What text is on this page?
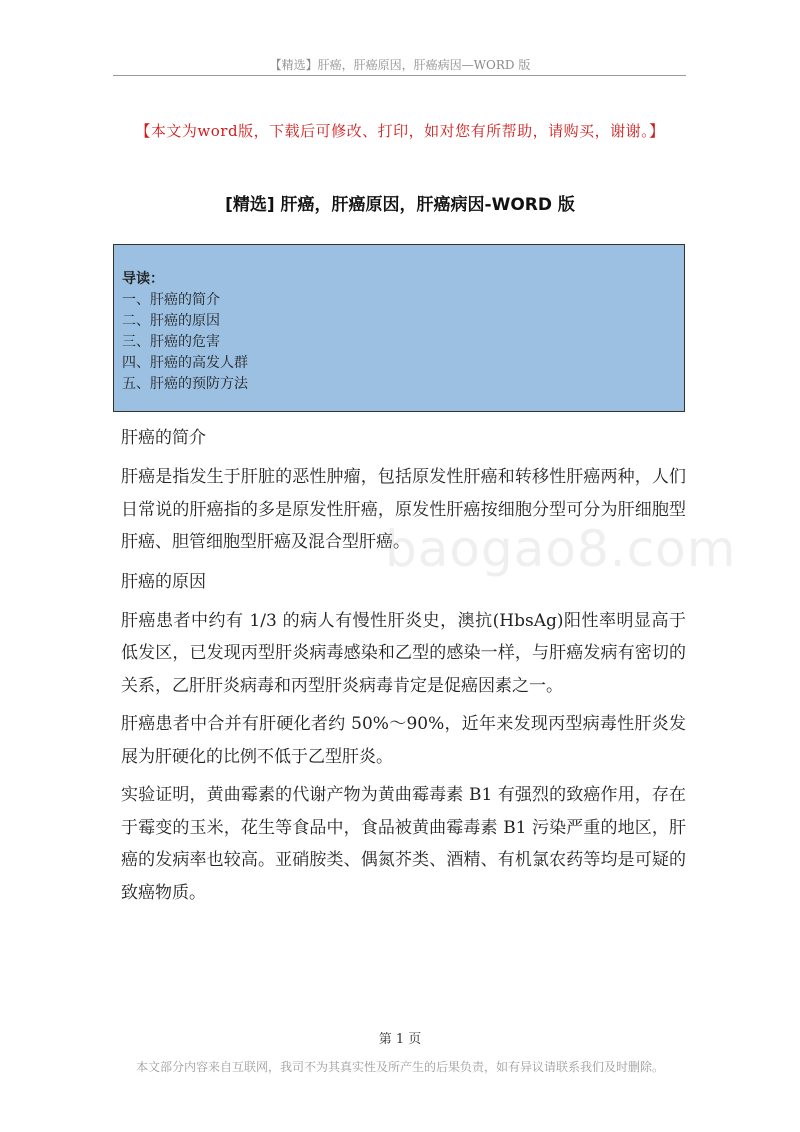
【精选】肝癌，肝癌原因，肝癌病因—WORD 版
【本文为word版，下载后可修改、打印，如对您有所帮助，请购买，谢谢。】
[精选] 肝癌，肝癌原因，肝癌病因-WORD 版
导读：
一、肝癌的简介
二、肝癌的原因
三、肝癌的危害
四、肝癌的高发人群
五、肝癌的预防方法

肝癌的简介

肝癌是指发生于肝脏的恶性肿瘤，包括原发性肝癌和转移性肝癌两种，人们日常说的肝癌指的多是原发性肝癌，原发性肝癌按细胞分型可分为肝细胞型肝癌、胆管细胞型肝癌及混合型肝癌。

肝癌的原因

肝癌患者中约有 1/3 的病人有慢性肝炎史，澳抗(HbsAg)阳性率明显高于低发区，已发现丙型肝炎病毒感染和乙型的感染一样，与肝癌发病有密切的关系，乙肝肝炎病毒和丙型肝炎病毒肯定是促癌因素之一。

肝癌患者中合并有肝硬化者约 50%～90%，近年来发现丙型病毒性肝炎发展为肝硬化的比例不低于乙型肝炎。

实验证明，黄曲霉素的代谢产物为黄曲霉毒素 B1 有强烈的致癌作用，存在于霉变的玉米，花生等食品中，食品被黄曲霉毒素 B1 污染严重的地区，肝癌的发病率也较高。亚硝胺类、偶氮芥类、酒精、有机氯农药等均是可疑的致癌物质。

baogao8.com
第 1 页
本文部分内容来自互联网，我司不为其真实性及所产生的后果负责，如有异议请联系我们及时删除。
